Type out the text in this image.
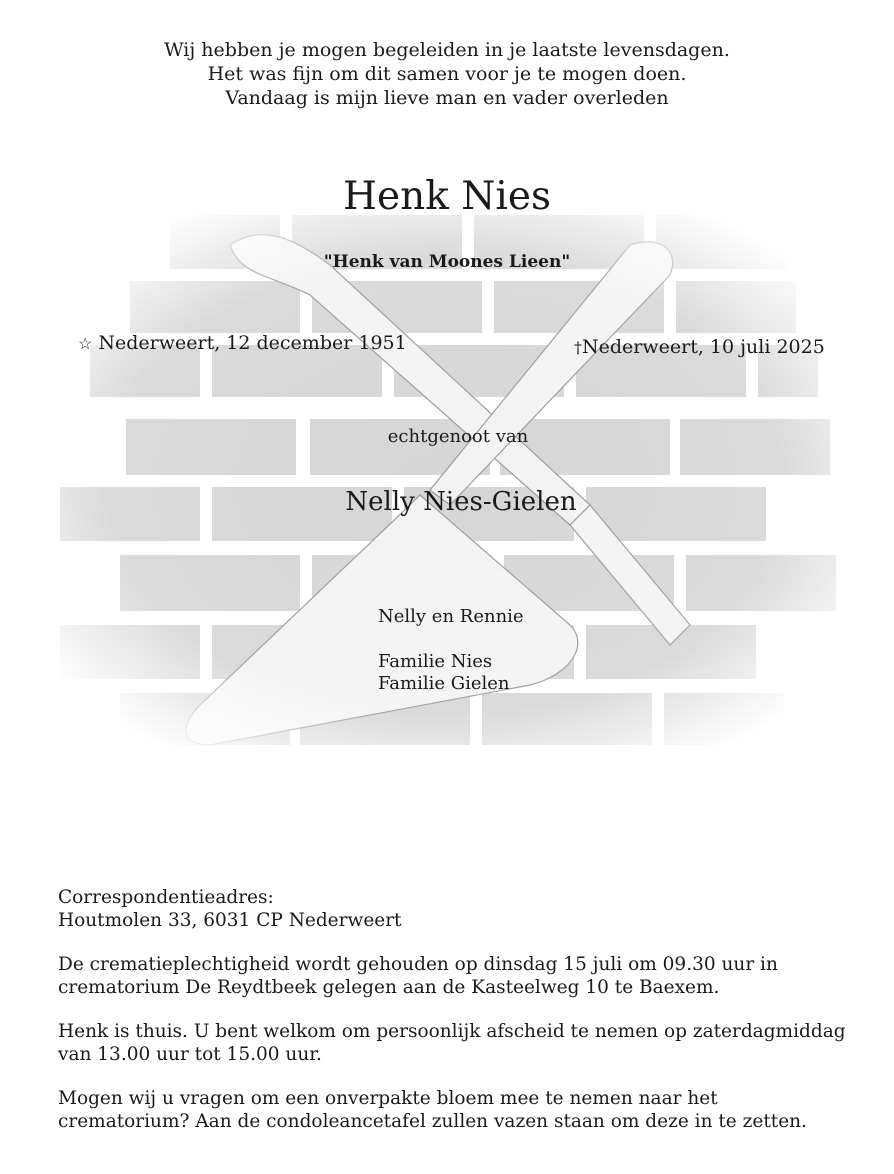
Wij hebben je mogen begeleiden in je laatste levensdagen.
Het was fijn om dit samen voor je te mogen doen.
Vandaag is mijn lieve man en vader overleden
Henk Nies
"Henk van Moones Lieen"
☆ Nederweert, 12 december 1951	†Nederweert, 10 juli 2025
echtgenoot van
Nelly Nies-Gielen
Nelly en Rennie
Familie Nies
Familie Gielen
Correspondentieadres:
Houtmolen 33, 6031 CP Nederweert
De crematieplechtigheid wordt gehouden op dinsdag 15 juli om 09.30 uur in
crematorium De Reydtbeek gelegen aan de Kasteelweg 10 te Baexem.
Henk is thuis. U bent welkom om persoonlijk afscheid te nemen op zaterdagmiddag
van 13.00 uur tot 15.00 uur.
Mogen wij u vragen om een onverpakte bloem mee te nemen naar het
crematorium? Aan de condoleancetafel zullen vazen staan om deze in te zetten.
